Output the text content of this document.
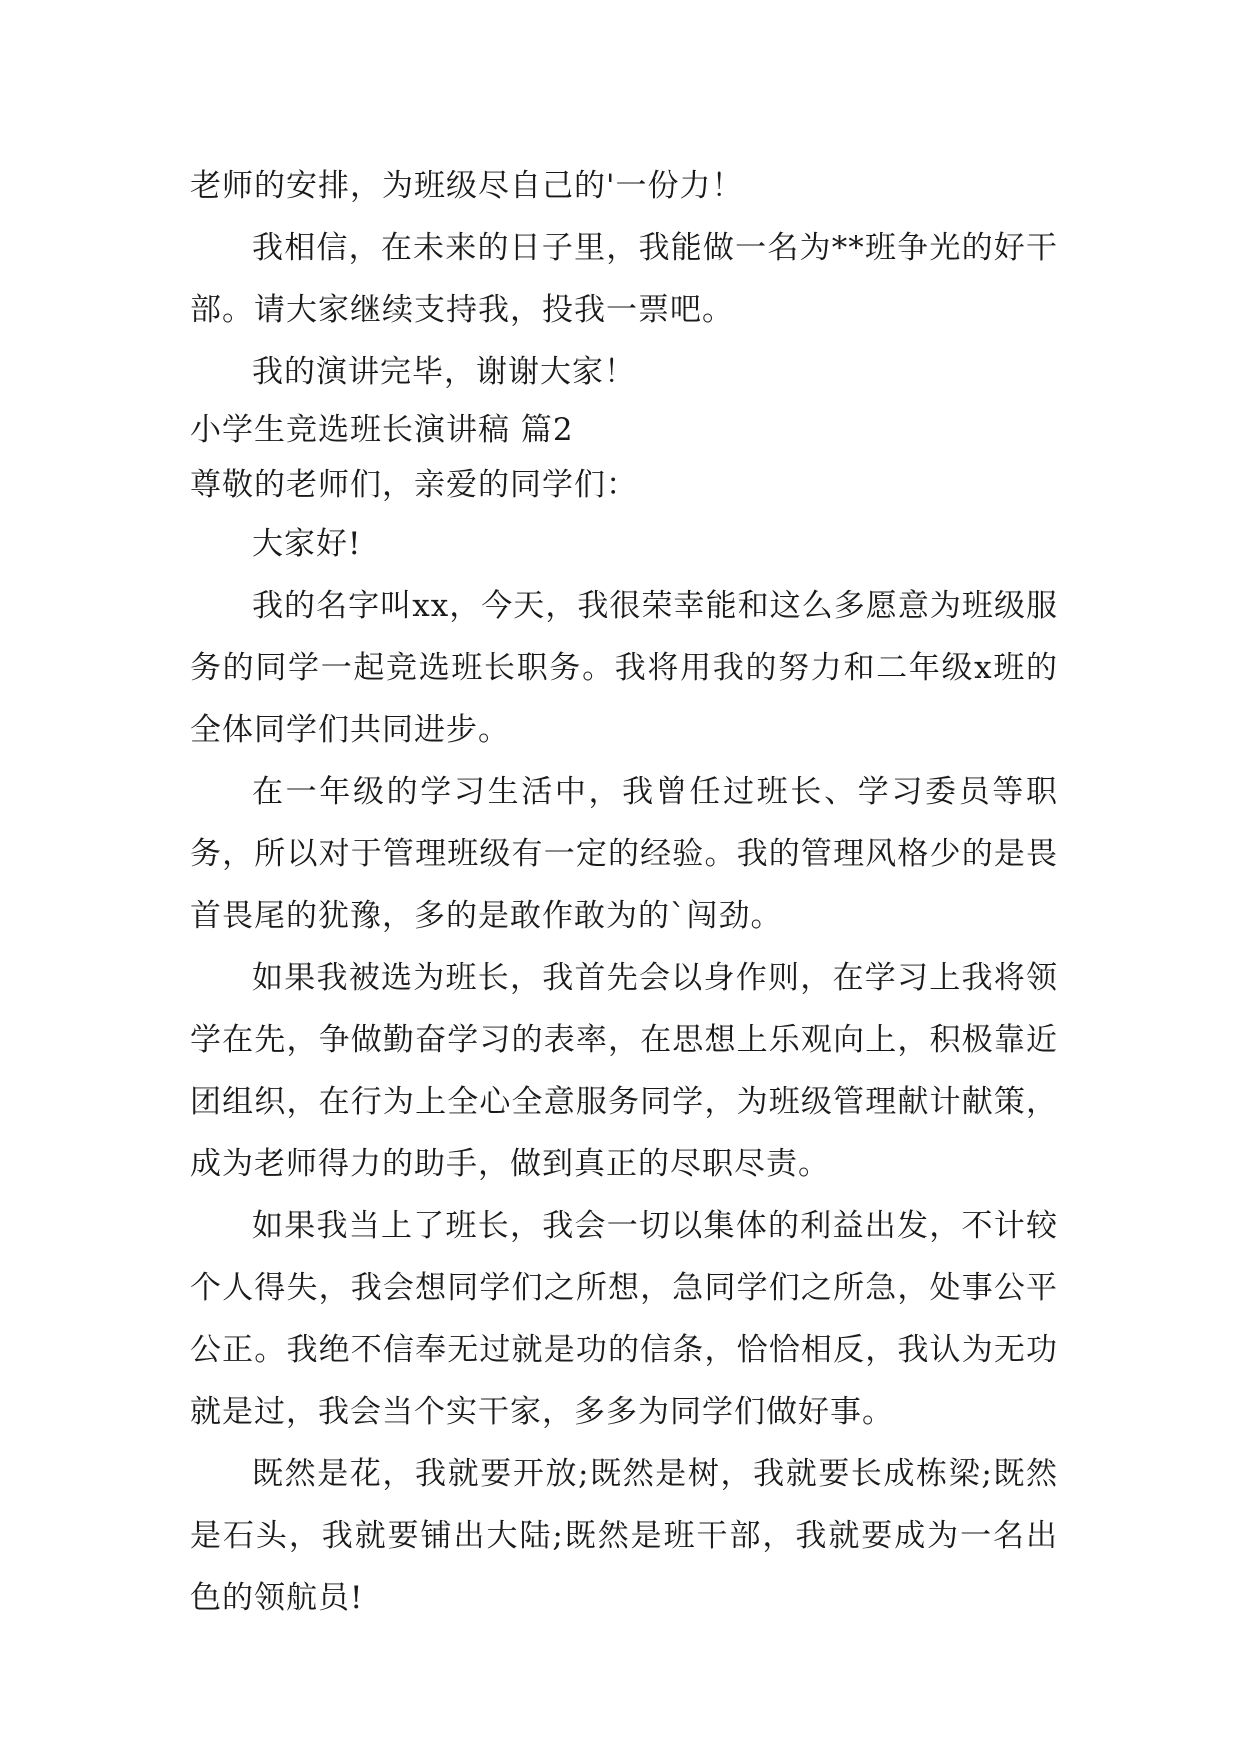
老师的安排，为班级尽自己的'一份力！

我相信，在未来的日子里，我能做一名为**班争光的好干部。请大家继续支持我，投我一票吧。

我的演讲完毕，谢谢大家！

小学生竞选班长演讲稿 篇2

尊敬的老师们，亲爱的同学们：

大家好!

我的名字叫xx，今天，我很荣幸能和这么多愿意为班级服务的同学一起竞选班长职务。我将用我的努力和二年级x班的全体同学们共同进步。

在一年级的学习生活中，我曾任过班长、学习委员等职务，所以对于管理班级有一定的经验。我的管理风格少的是畏首畏尾的犹豫，多的是敢作敢为的`闯劲。

如果我被选为班长，我首先会以身作则，在学习上我将领学在先，争做勤奋学习的表率，在思想上乐观向上，积极靠近团组织，在行为上全心全意服务同学，为班级管理献计献策，成为老师得力的助手，做到真正的尽职尽责。

如果我当上了班长，我会一切以集体的利益出发，不计较个人得失，我会想同学们之所想，急同学们之所急，处事公平公正。我绝不信奉无过就是功的信条，恰恰相反，我认为无功就是过，我会当个实干家，多多为同学们做好事。

既然是花，我就要开放;既然是树，我就要长成栋梁;既然是石头，我就要铺出大陆;既然是班干部，我就要成为一名出色的领航员!
